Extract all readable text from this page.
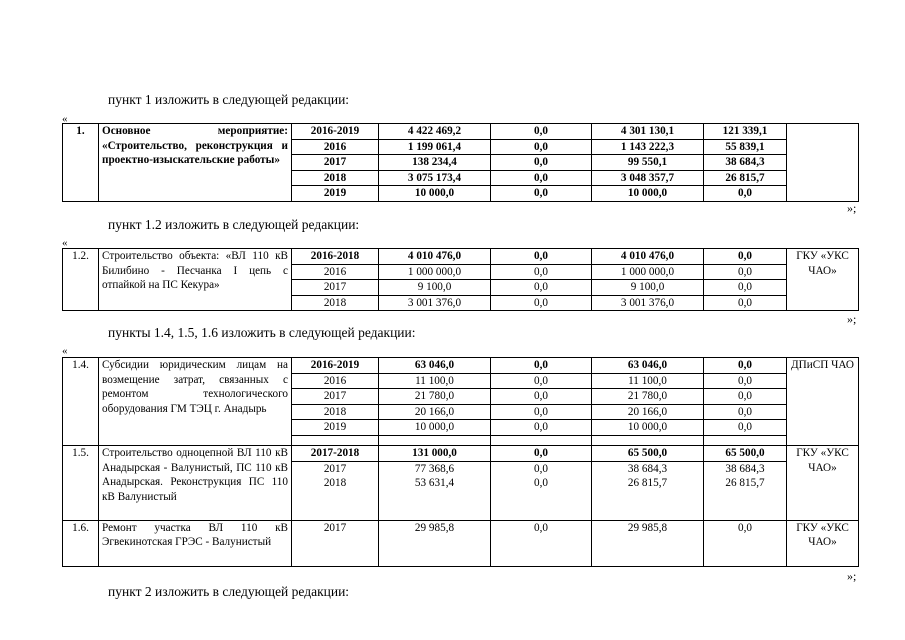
пункт 1 изложить в следующей редакции:
«
1.	Основное мероприятие: «Строительство, реконструкция и проектно-изыскательские работы»	2016-2019	4 422 469,2	0,0	4 301 130,1	121 339,1	
		2016	1 199 061,4	0,0	1 143 222,3	55 839,1	
		2017	138 234,4	0,0	99 550,1	38 684,3	
		2018	3 075 173,4	0,0	3 048 357,7	26 815,7	
		2019	10 000,0	0,0	10 000,0	0,0	
»;
пункт 1.2 изложить в следующей редакции:
«
1.2.	Строительство объекта: «ВЛ 110 кВ Билибино - Песчанка I цепь с отпайкой на ПС Кекура»	2016-2018	4 010 476,0	0,0	4 010 476,0	0,0	ГКУ «УКС ЧАО»
		2016	1 000 000,0	0,0	1 000 000,0	0,0	
		2017	9 100,0	0,0	9 100,0	0,0	
		2018	3 001 376,0	0,0	3 001 376,0	0,0	
»;
пункты 1.4, 1.5, 1.6 изложить в следующей редакции:
«
1.4.	Субсидии юридическим лицам на возмещение затрат, связанных с ремонтом технологического оборудования ГМ ТЭЦ г. Анадырь	2016-2019	63 046,0	0,0	63 046,0	0,0	ДПиСП ЧАО
		2016	11 100,0	0,0	11 100,0	0,0	
		2017	21 780,0	0,0	21 780,0	0,0	
		2018	20 166,0	0,0	20 166,0	0,0	
		2019	10 000,0	0,0	10 000,0	0,0	

1.5.	Строительство одноцепной ВЛ 110 кВ Анадырская - Валунистый, ПС 110 кВ Анадырская. Реконструкция ПС 110 кВ Валунистый	2017-2018	131 000,0	0,0	65 500,0	65 500,0	ГКУ «УКС ЧАО»
		2017	77 368,6	0,0	38 684,3	38 684,3	
		2018	53 631,4	0,0	26 815,7	26 815,7	
1.6.	Ремонт участка ВЛ 110 кВ Эгвекинотская ГРЭС - Валунистый	2017	29 985,8	0,0	29 985,8	0,0	ГКУ «УКС ЧАО»
»;
пункт 2 изложить в следующей редакции:
